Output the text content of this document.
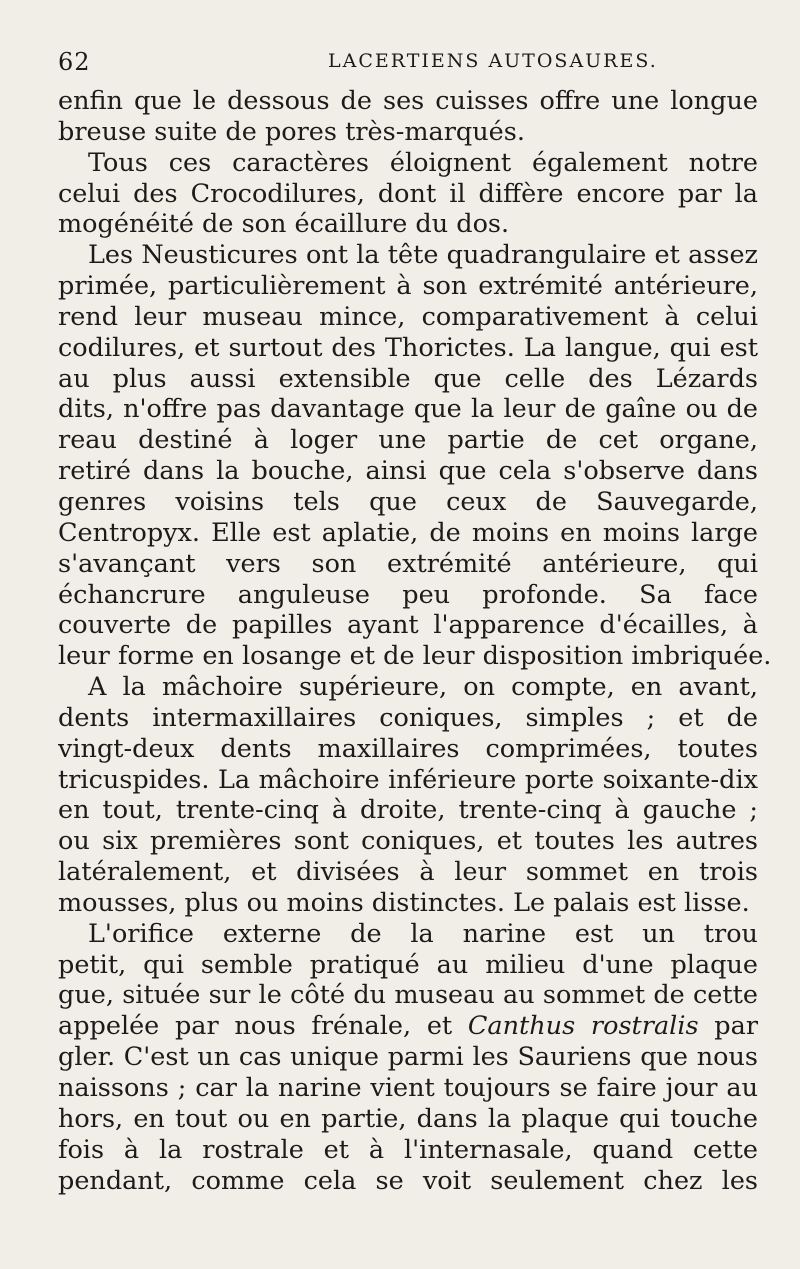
62	LACERTIENS AUTOSAURES.
enfin que le dessous de ses cuisses offre une longue
breuse suite de pores très-marqués.
Tous ces caractères éloignent également notre
celui des Crocodilures, dont il diffère encore par la
mogénéité de son écaillure du dos.
Les Neusticures ont la tête quadrangulaire et assez
primée, particulièrement à son extrémité antérieure,
rend leur museau mince, comparativement à celui
codilures, et surtout des Thorictes. La langue, qui est
au plus aussi extensible que celle des Lézards
dits, n'offre pas davantage que la leur de gaîne ou de
reau destiné à loger une partie de cet organe,
retiré dans la bouche, ainsi que cela s'observe dans
genres voisins tels que ceux de Sauvegarde,
Centropyx. Elle est aplatie, de moins en moins large
s'avançant vers son extrémité antérieure, qui
échancrure anguleuse peu profonde. Sa face
couverte de papilles ayant l'apparence d'écailles, à
leur forme en losange et de leur disposition imbriquée.
A la mâchoire supérieure, on compte, en avant,
dents intermaxillaires coniques, simples ; et de
vingt-deux dents maxillaires comprimées, toutes
tricuspides. La mâchoire inférieure porte soixante-dix
en tout, trente-cinq à droite, trente-cinq à gauche ;
ou six premières sont coniques, et toutes les autres
latéralement, et divisées à leur sommet en trois
mousses, plus ou moins distinctes. Le palais est lisse.
L'orifice externe de la narine est un trou
petit, qui semble pratiqué au milieu d'une plaque
gue, située sur le côté du museau au sommet de cette
appelée par nous frénale, et Canthus rostralis par
gler. C'est un cas unique parmi les Sauriens que nous
naissons ; car la narine vient toujours se faire jour au
hors, en tout ou en partie, dans la plaque qui touche
fois à la rostrale et à l'internasale, quand cette
pendant, comme cela se voit seulement chez les
